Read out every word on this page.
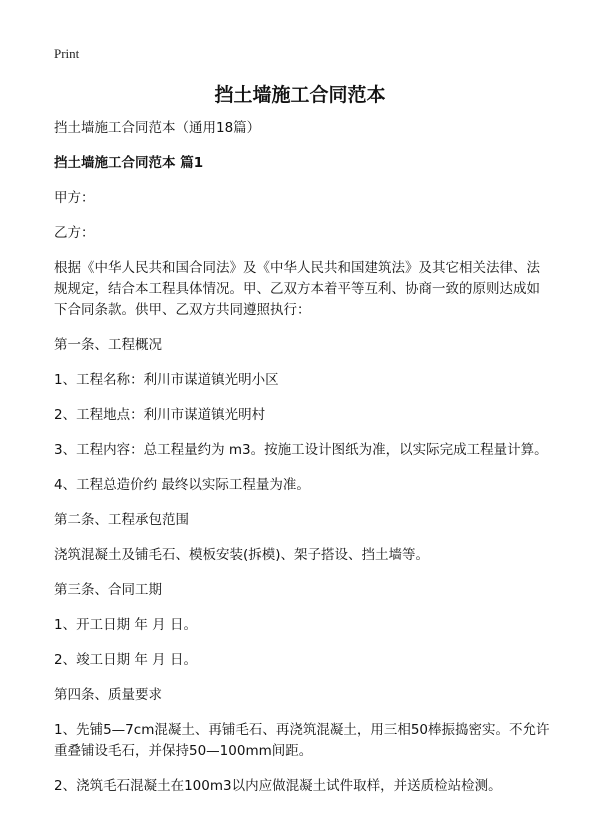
Print
挡土墙施工合同范本

挡土墙施工合同范本（通用18篇）

挡土墙施工合同范本 篇1

甲方：

乙方：

根据《中华人民共和国合同法》及《中华人民共和国建筑法》及其它相关法律、法规规定，结合本工程具体情况。甲、乙双方本着平等互利、协商一致的原则达成如下合同条款。供甲、乙双方共同遵照执行：

第一条、工程概况

1、工程名称：利川市谋道镇光明小区

2、工程地点：利川市谋道镇光明村

3、工程内容：总工程量约为 m3。按施工设计图纸为准，以实际完成工程量计算。

4、工程总造价约 最终以实际工程量为准。

第二条、工程承包范围

浇筑混凝土及铺毛石、模板安装(拆模)、架子搭设、挡土墙等。

第三条、合同工期

1、开工日期 年 月 日。

2、竣工日期 年 月 日。

第四条、质量要求

1、先铺5—7cm混凝土、再铺毛石、再浇筑混凝土，用三相50棒振捣密实。不允许重叠铺设毛石，并保持50—100mm间距。

2、浇筑毛石混凝土在100m3以内应做混凝土试件取样，并送质检站检测。
